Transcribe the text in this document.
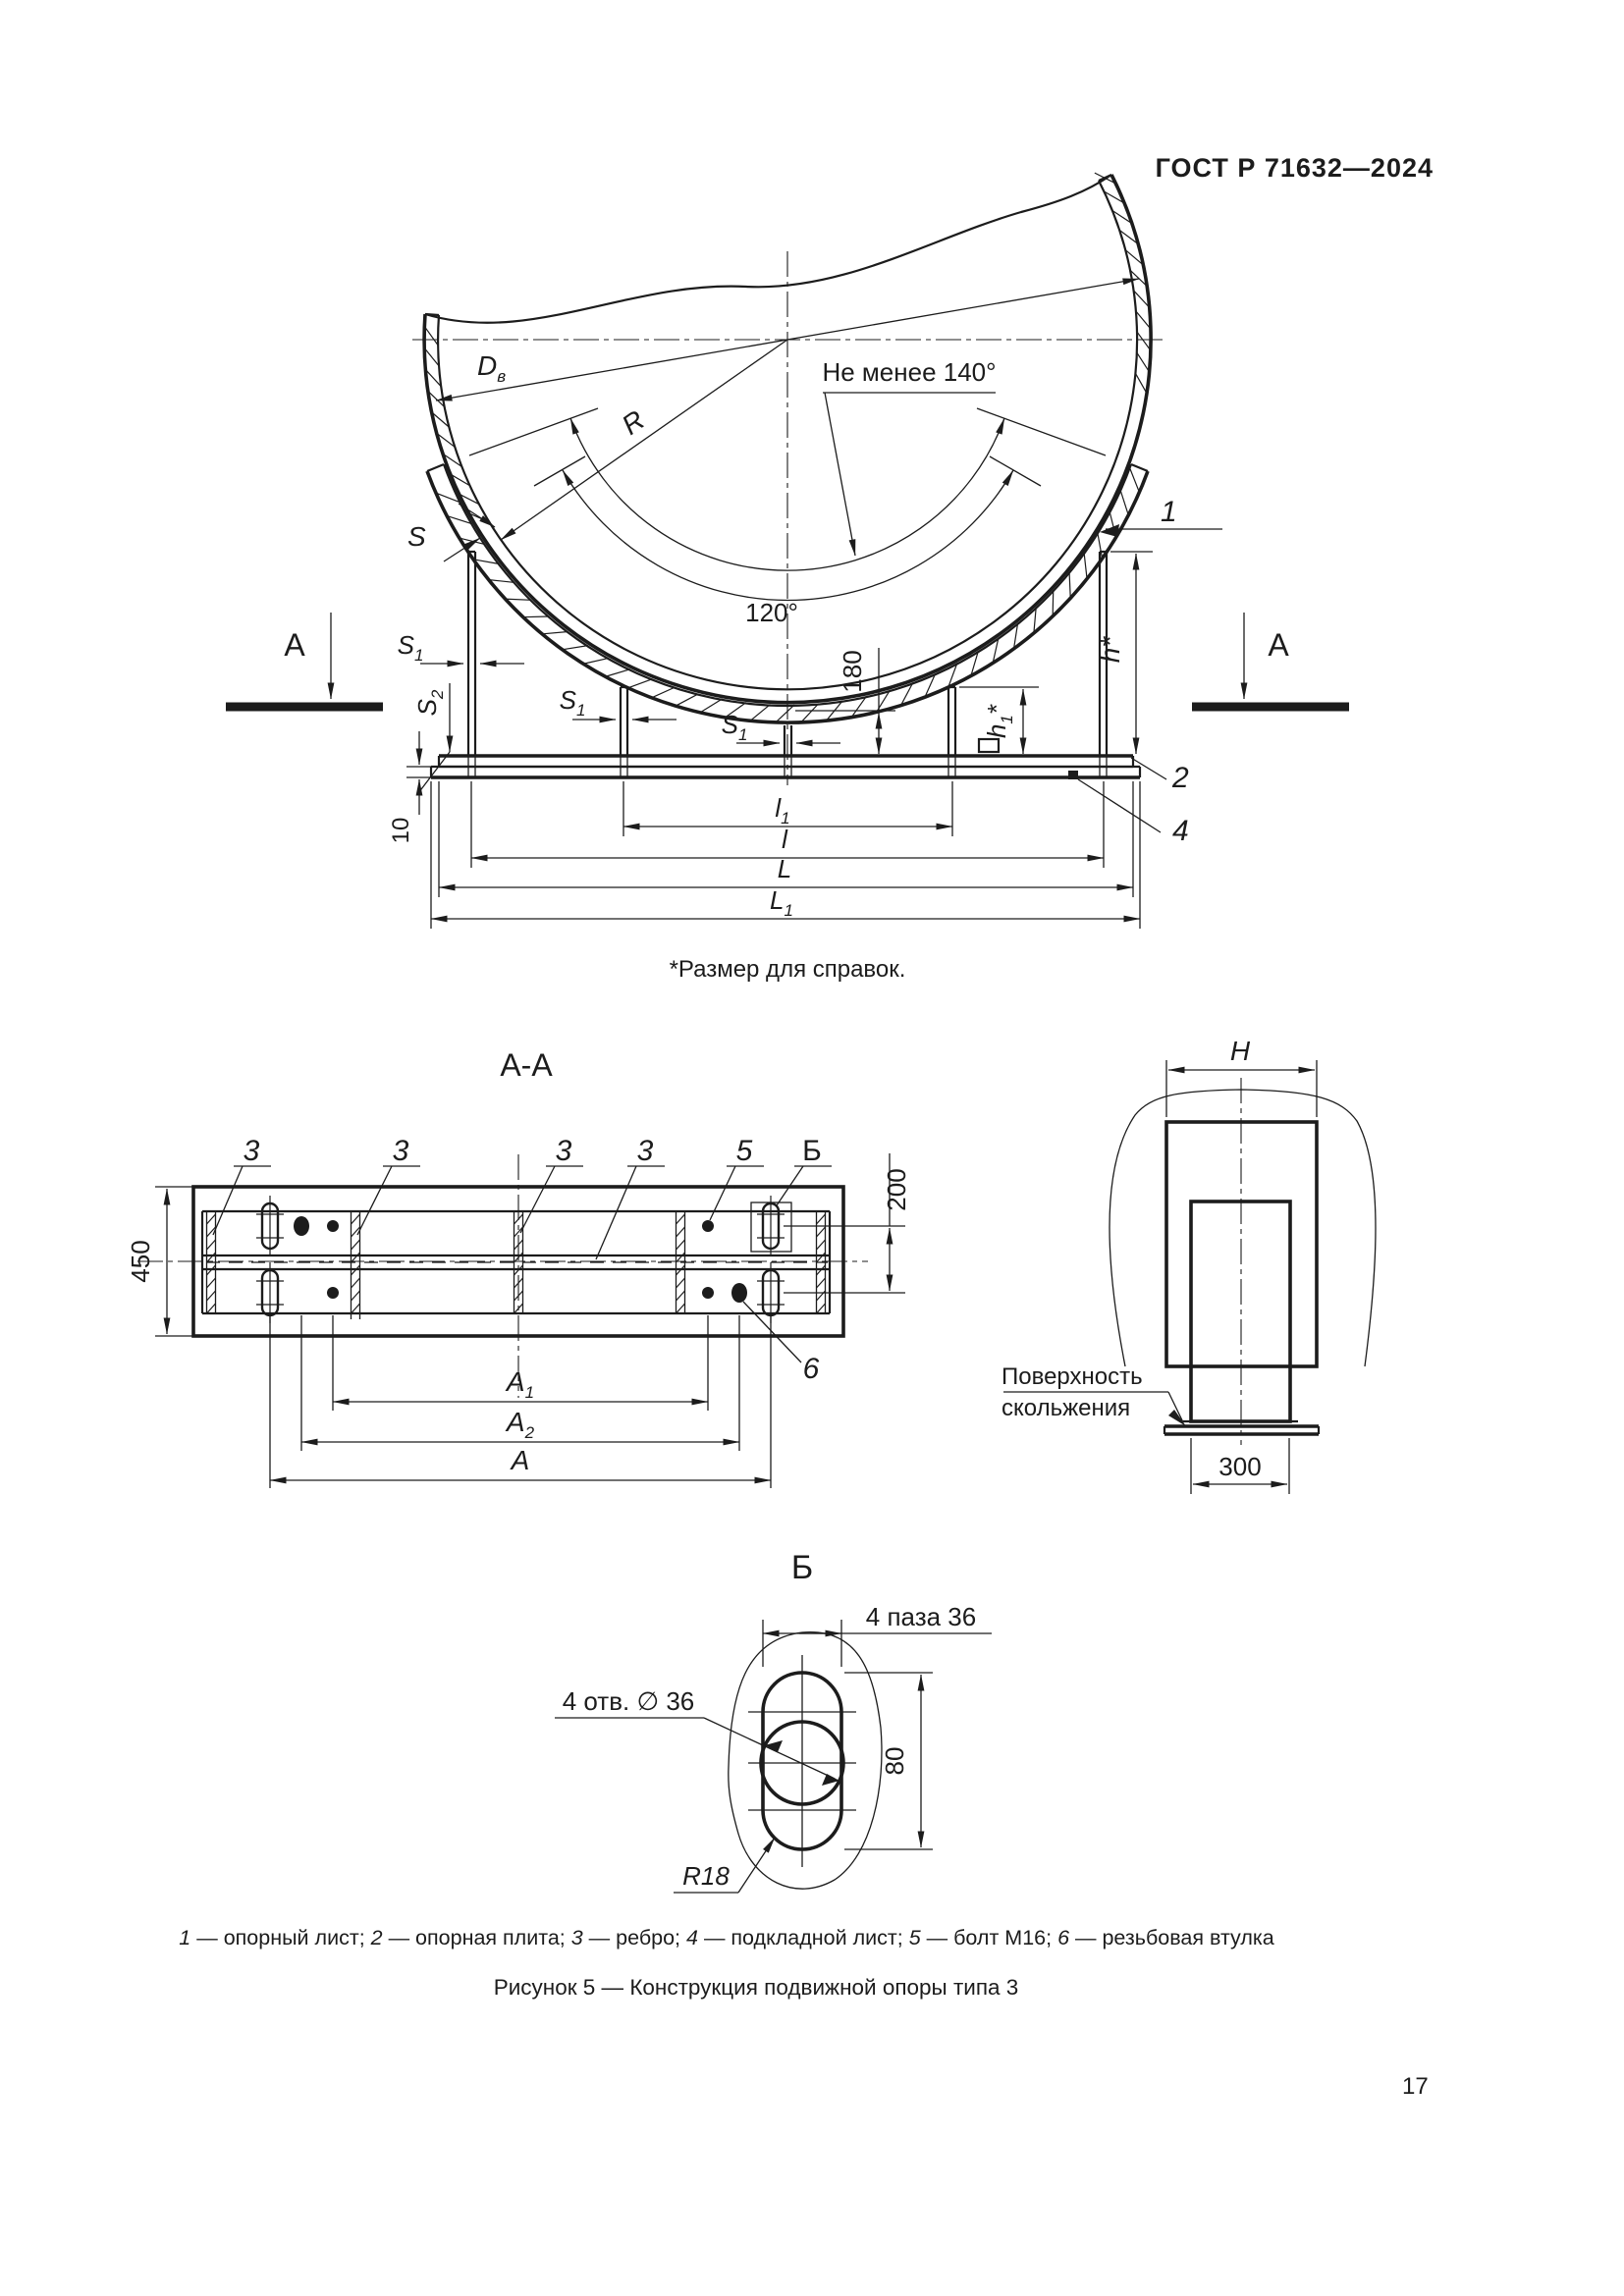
ГОСТ Р 71632—2024
$D_в$
R
Не менее 140°
120°
S
$S_1$
$S_1$	$S_1$
$S_2$
h*
$h_1*$
180
10
1
2
4
А	А
$l_1$
l
L
$L_1$
*Размер для справок.
А-А
3	3	3 3	5 Б
6
450
200
$A_1$
$A_2$
A
H
Поверхность
скольжения
300
Б
4 паза 36
4 отв. ∅ 36
80
R18
1 — опорный лист; 2 — опорная плита; 3 — ребро; 4 — подкладной лист; 5 — болт М16; 6 — резьбовая втулка
Рисунок 5 — Конструкция подвижной опоры типа 3
17
